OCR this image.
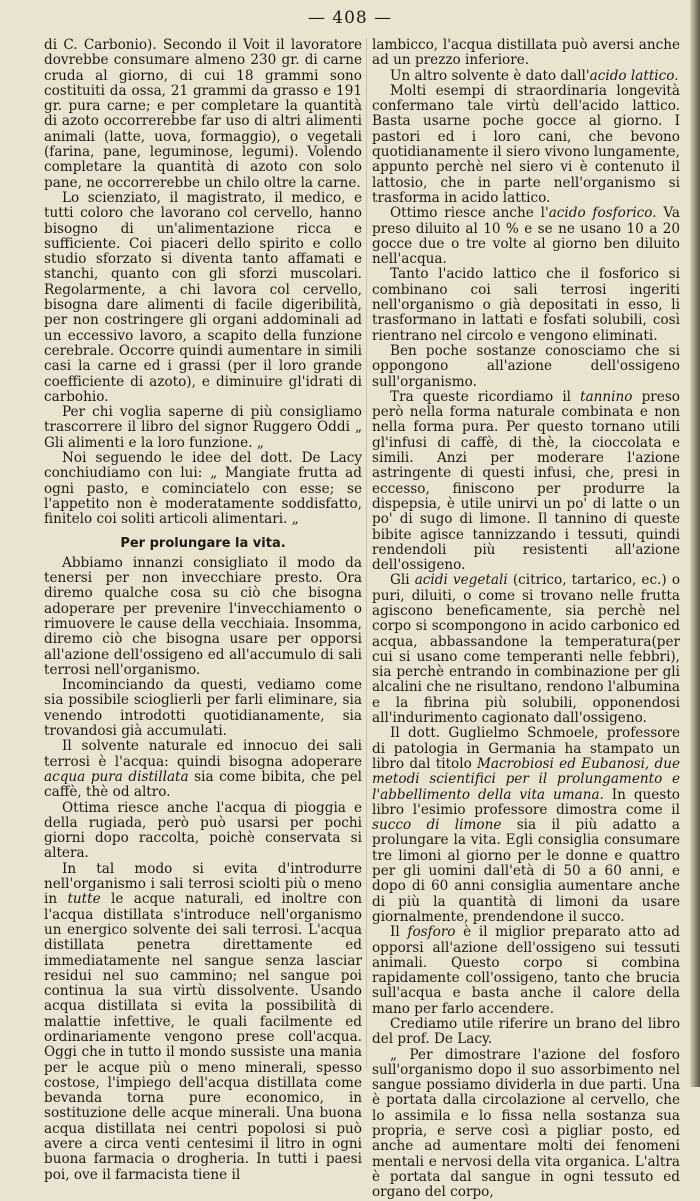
— 408 —

di C. Carbonio). Secondo il Voit il lavoratore dovrebbe consumare almeno 230 gr. di carne cruda al giorno, di cui 18 grammi sono costituiti da ossa, 21 grammi da grasso e 191 gr. pura carne; e per completare la quantità di azoto occorrerebbe far uso di altri alimenti animali (latte, uova, formaggio), o vegetali (farina, pane, leguminose, legumi). Volendo completare la quantità di azoto con solo pane, ne occorrerebbe un chilo oltre la carne.

Lo scienziato, il magistrato, il medico, e tutti coloro che lavorano col cervello, hanno bisogno di un'alimentazione ricca e sufficiente. Coi piaceri dello spirito e collo studio sforzato si diventa tanto affamati e stanchi, quanto con gli sforzi muscolari. Regolarmente, a chi lavora col cervello, bisogna dare alimenti di facile digeribilità, per non costringere gli organi addominali ad un eccessivo lavoro, a scapito della funzione cerebrale. Occorre quindi aumentare in simili casi la carne ed i grassi (per il loro grande coefficiente di azoto), e diminuire gl'idrati di carbohio.

Per chi voglia saperne di più consigliamo trascorrere il libro del signor Ruggero Oddi „ Gli alimenti e la loro funzione. „

Noi seguendo le idee del dott. De Lacy conchiudiamo con lui: „ Mangiate frutta ad ogni pasto, e cominciatelo con esse; se l'appetito non è moderatamente soddisfatto, finitelo coi soliti articoli alimentari. „

Per prolungare la vita.

Abbiamo innanzi consigliato il modo da tenersi per non invecchiare presto. Ora diremo qualche cosa su ciò che bisogna adoperare per prevenire l'invecchiamento o rimuovere le cause della vecchiaia. Insomma, diremo ciò che bisogna usare per opporsi all'azione dell'ossigeno ed all'accumulo di sali terrosi nell'organismo.

Incominciando da questi, vediamo come sia possibile scioglierli per farli eliminare, sia venendo introdotti quotidianamente, sia trovandosi già accumulati.

Il solvente naturale ed innocuo dei sali terrosi è l'acqua: quindi bisogna adoperare acqua pura distillata sia come bibita, che pel caffè, thè od altro.

Ottima riesce anche l'acqua di pioggia e della rugiada, però può usarsi per pochi giorni dopo raccolta, poichè conservata si altera.

In tal modo si evita d'introdurre nell'organismo i sali terrosi sciolti più o meno in tutte le acque naturali, ed inoltre con l'acqua distillata s'introduce nell'organismo un energico solvente dei sali terrosi. L'acqua distillata penetra direttamente ed immediatamente nel sangue senza lasciar residui nel suo cammino; nel sangue poi continua la sua virtù dissolvente. Usando acqua distillata si evita la possibilità di malattie infettive, le quali facilmente ed ordinariamente vengono prese coll'acqua. Oggi che in tutto il mondo sussiste una mania per le acque più o meno minerali, spesso costose, l'impiego dell'acqua distillata come bevanda torna pure economico, in sostituzione delle acque minerali. Una buona acqua distillata nei centri popolosi si può avere a circa venti centesimi il litro in ogni buona farmacia o drogheria. In tutti i paesi poi, ove il farmacista tiene il

lambicco, l'acqua distillata può aversi anche ad un prezzo inferiore.

Un altro solvente è dato dall'acido lattico.

Molti esempi di straordinaria longevità confermano tale virtù dell'acido lattico. Basta usarne poche gocce al giorno. I pastori ed i loro cani, che bevono quotidianamente il siero vivono lungamente, appunto perchè nel siero vi è contenuto il lattosio, che in parte nell'organismo si trasforma in acido lattico.

Ottimo riesce anche l'acido fosforico. Va preso diluito al 10 % e se ne usano 10 a 20 gocce due o tre volte al giorno ben diluito nell'acqua.

Tanto l'acido lattico che il fosforico si combinano coi sali terrosi ingeriti nell'organismo o già depositati in esso, li trasformano in lattati e fosfati solubili, così rientrano nel circolo e vengono eliminati.

Ben poche sostanze conosciamo che si oppongono all'azione dell'ossigeno sull'organismo.

Tra queste ricordiamo il tannino preso però nella forma naturale combinata e non nella forma pura. Per questo tornano utili gl'infusi di caffè, di thè, la cioccolata e simili. Anzi per moderare l'azione astringente di questi infusi, che, presi in eccesso, finiscono per produrre la dispepsia, è utile unirvi un po' di latte o un po' di sugo di limone. Il tannino di queste bibite agisce tannizzando i tessuti, quindi rendendoli più resistenti all'azione dell'ossigeno.

Gli acidi vegetali (citrico, tartarico, ec.) o puri, diluiti, o come si trovano nelle frutta agiscono beneficamente, sia perchè nel corpo si scompongono in acido carbonico ed acqua, abbassandone la temperatura(per cui si usano come temperanti nelle febbri), sia perchè entrando in combinazione per gli alcalini che ne risultano, rendono l'albumina e la fibrina più solubili, opponendosi all'indurimento cagionato dall'ossigeno.

Il dott. Guglielmo Schmoele, professore di patologia in Germania ha stampato un libro dal titolo Macrobiosi ed Eubanosi, due metodi scientifici per il prolungamento e l'abbellimento della vita umana. In questo libro l'esimio professore dimostra come il succo di limone sia il più adatto a prolungare la vita. Egli consiglia consumare tre limoni al giorno per le donne e quattro per gli uomini dall'età di 50 a 60 anni, e dopo di 60 anni consiglia aumentare anche di più la quantità di limoni da usare giornalmente, prendendone il succo.

Il fosforo è il miglior preparato atto ad opporsi all'azione dell'ossigeno sui tessuti animali. Questo corpo si combina rapidamente coll'ossigeno, tanto che brucia sull'acqua e basta anche il calore della mano per farlo accendere.

Crediamo utile riferire un brano del libro del prof. De Lacy.

„ Per dimostrare l'azione del fosforo sull'organismo dopo il suo assorbimento nel sangue possiamo dividerla in due parti. Una è portata dalla circolazione al cervello, che lo assimila e lo fissa nella sostanza sua propria, e serve così a pigliar posto, ed anche ad aumentare molti dei fenomeni mentali e nervosi della vita organica. L'altra è portata dal sangue in ogni tessuto ed organo del corpo,
